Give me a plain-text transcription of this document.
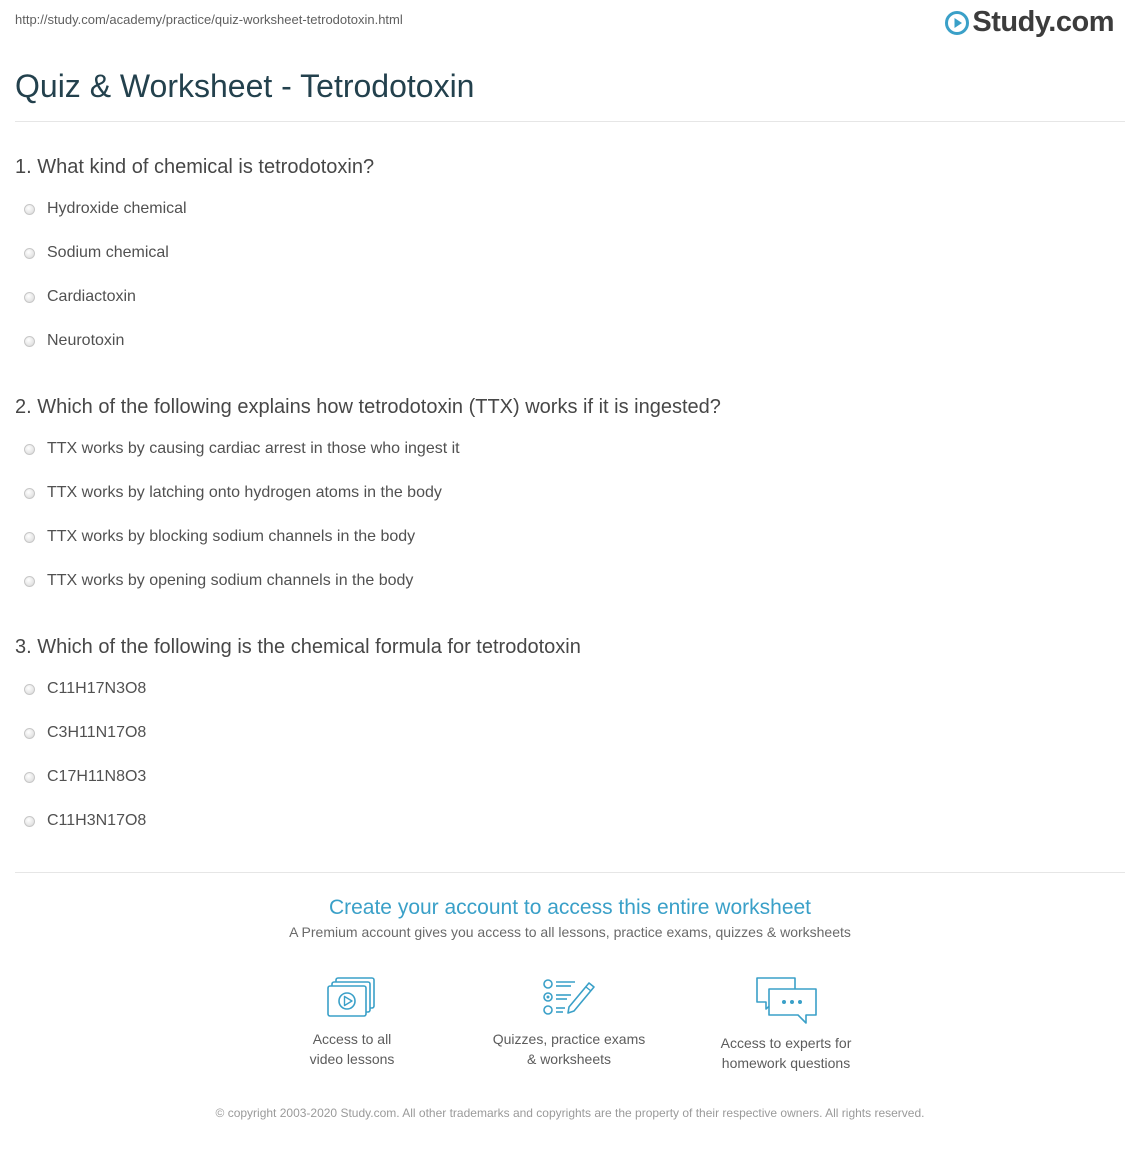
http://study.com/academy/practice/quiz-worksheet-tetrodotoxin.html	Study.com
Quiz & Worksheet - Tetrodotoxin
1. What kind of chemical is tetrodotoxin?
Hydroxide chemical
Sodium chemical
Cardiactoxin
Neurotoxin
2. Which of the following explains how tetrodotoxin (TTX) works if it is ingested?
TTX works by causing cardiac arrest in those who ingest it
TTX works by latching onto hydrogen atoms in the body
TTX works by blocking sodium channels in the body
TTX works by opening sodium channels in the body
3. Which of the following is the chemical formula for tetrodotoxin
C11H17N3O8
C3H11N17O8
C17H11N8O3
C11H3N17O8
Create your account to access this entire worksheet
A Premium account gives you access to all lessons, practice exams, quizzes & worksheets
Access to all
video lessons
Quizzes, practice exams
& worksheets
Access to experts for
homework questions
© copyright 2003-2020 Study.com. All other trademarks and copyrights are the property of their respective owners. All rights reserved.
